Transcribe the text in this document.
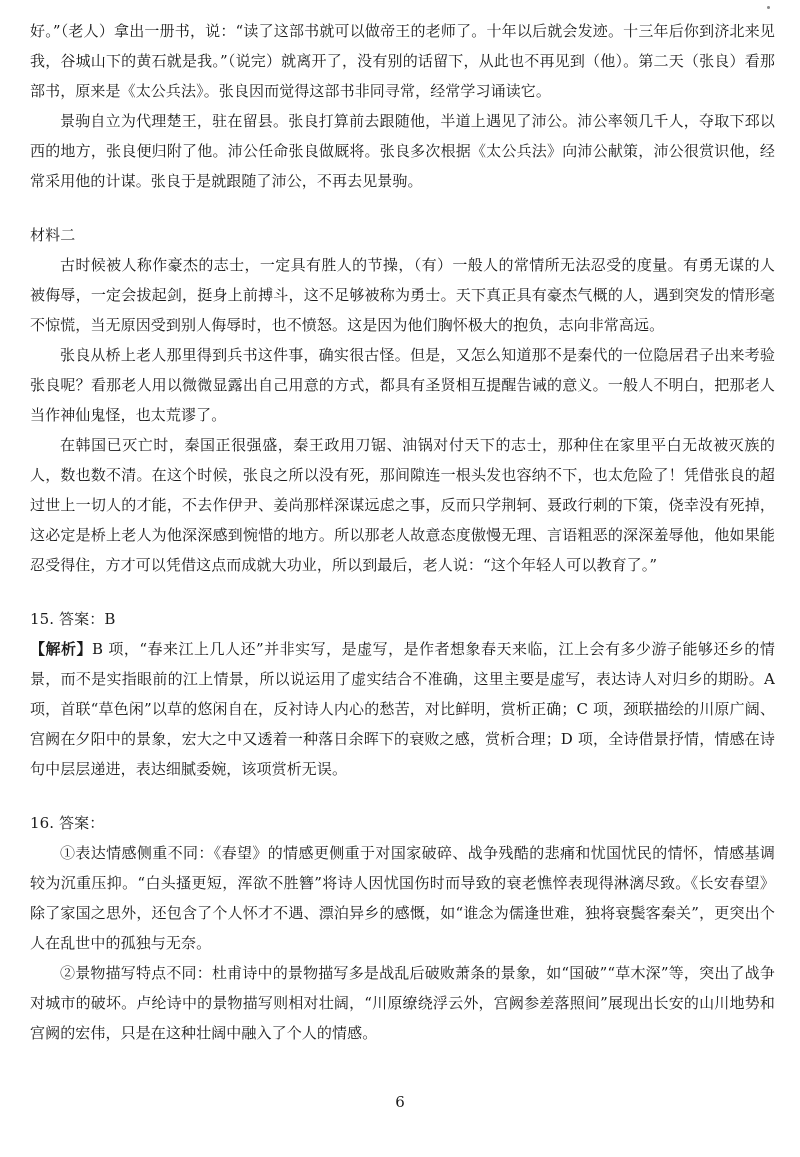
好。”（老人）拿出一册书，说：“读了这部书就可以做帝王的老师了。十年以后就会发迹。十三年后你到济北来见我，谷城山下的黄石就是我。”（说完）就离开了，没有别的话留下，从此也不再见到（他）。第二天（张良）看那部书，原来是《太公兵法》。张良因而觉得这部书非同寻常，经常学习诵读它。

景驹自立为代理楚王，驻在留县。张良打算前去跟随他，半道上遇见了沛公。沛公率领几千人，夺取下邳以西的地方，张良便归附了他。沛公任命张良做厩将。张良多次根据《太公兵法》向沛公献策，沛公很赏识他，经常采用他的计谋。张良于是就跟随了沛公，不再去见景驹。

材料二

古时候被人称作豪杰的志士，一定具有胜人的节操，（有）一般人的常情所无法忍受的度量。有勇无谋的人被侮辱，一定会拔起剑，挺身上前搏斗，这不足够被称为勇士。天下真正具有豪杰气概的人，遇到突发的情形毫不惊慌，当无原因受到别人侮辱时，也不愤怒。这是因为他们胸怀极大的抱负，志向非常高远。

张良从桥上老人那里得到兵书这件事，确实很古怪。但是，又怎么知道那不是秦代的一位隐居君子出来考验张良呢？看那老人用以微微显露出自己用意的方式，都具有圣贤相互提醒告诫的意义。一般人不明白，把那老人当作神仙鬼怪，也太荒谬了。

在韩国已灭亡时，秦国正很强盛，秦王政用刀锯、油锅对付天下的志士，那种住在家里平白无故被灭族的人，数也数不清。在这个时候，张良之所以没有死，那间隙连一根头发也容纳不下，也太危险了！凭借张良的超过世上一切人的才能，不去作伊尹、姜尚那样深谋远虑之事，反而只学荆轲、聂政行刺的下策，侥幸没有死掉，这必定是桥上老人为他深深感到惋惜的地方。所以那老人故意态度傲慢无理、言语粗恶的深深羞辱他，他如果能忍受得住，方才可以凭借这点而成就大功业，所以到最后，老人说：“这个年轻人可以教育了。”

15. 答案：B

【解析】B 项，“春来江上几人还”并非实写，是虚写，是作者想象春天来临，江上会有多少游子能够还乡的情景，而不是实指眼前的江上情景，所以说运用了虚实结合不准确，这里主要是虚写，表达诗人对归乡的期盼。A 项，首联“草色闲”以草的悠闲自在，反衬诗人内心的愁苦，对比鲜明，赏析正确；C 项，颈联描绘的川原广阔、宫阙在夕阳中的景象，宏大之中又透着一种落日余晖下的衰败之感，赏析合理；D 项，全诗借景抒情，情感在诗句中层层递进，表达细腻委婉，该项赏析无误。

16. 答案：

①表达情感侧重不同：《春望》的情感更侧重于对国家破碎、战争残酷的悲痛和忧国忧民的情怀，情感基调较为沉重压抑。“白头搔更短，浑欲不胜簪”将诗人因忧国伤时而导致的衰老憔悴表现得淋漓尽致。《长安春望》除了家国之思外，还包含了个人怀才不遇、漂泊异乡的感慨，如“谁念为儒逢世难，独将衰鬓客秦关”，更突出个人在乱世中的孤独与无奈。

②景物描写特点不同：杜甫诗中的景物描写多是战乱后破败萧条的景象，如“国破”“草木深”等，突出了战争对城市的破坏。卢纶诗中的景物描写则相对壮阔，“川原缭绕浮云外，宫阙参差落照间”展现出长安的山川地势和宫阙的宏伟，只是在这种壮阔中融入了个人的情感。

6
